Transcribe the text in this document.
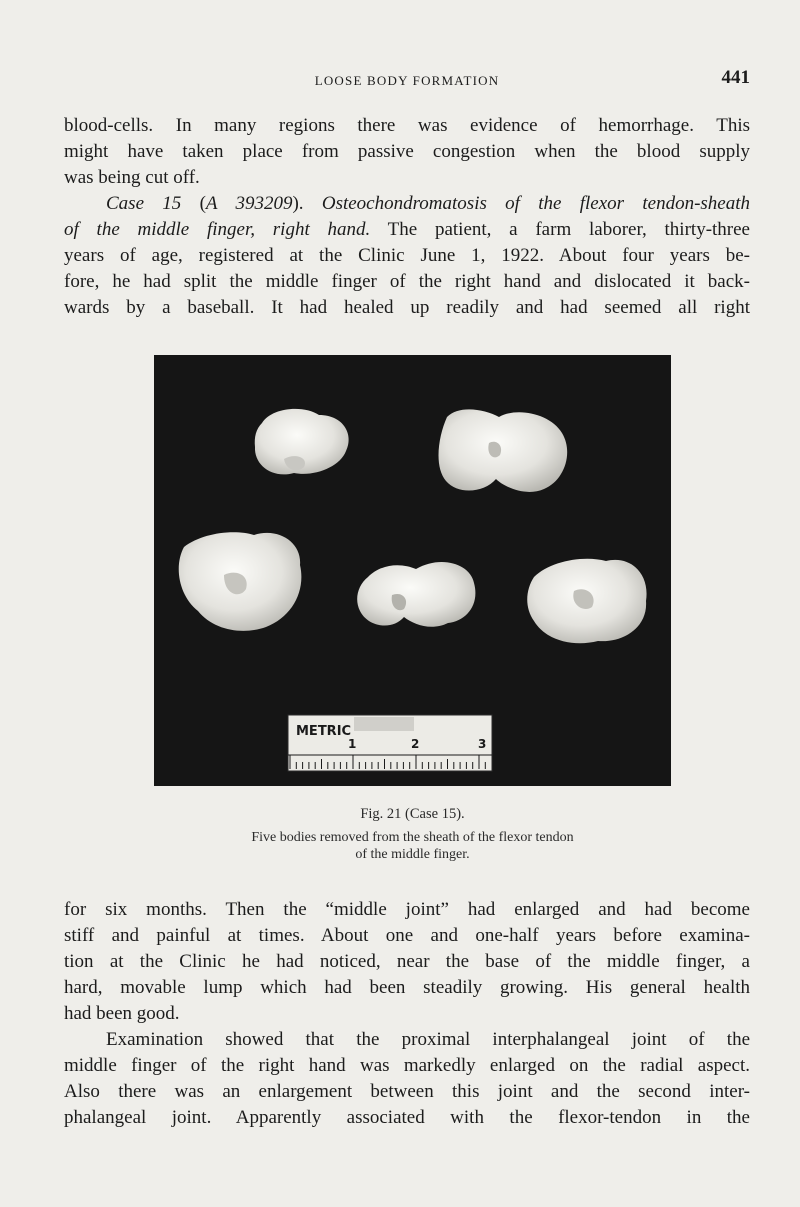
LOOSE BODY FORMATION	441
blood-cells. In many regions there was evidence of hemorrhage. This
might have taken place from passive congestion when the blood supply
was being cut off.
Case 15 (A 393209). Osteochondromatosis of the flexor tendon-sheath
of the middle finger, right hand. The patient, a farm laborer, thirty-three
years of age, registered at the Clinic June 1, 1922. About four years be-
fore, he had split the middle finger of the right hand and dislocated it back-
wards by a baseball. It had healed up readily and had seemed all right
METRIC
1	2	3
Fig. 21 (Case 15).
Five bodies removed from the sheath of the flexor tendon
of the middle finger.
for six months. Then the “middle joint” had enlarged and had become
stiff and painful at times. About one and one-half years before examina-
tion at the Clinic he had noticed, near the base of the middle finger, a
hard, movable lump which had been steadily growing. His general health
had been good.
Examination showed that the proximal interphalangeal joint of the
middle finger of the right hand was markedly enlarged on the radial aspect.
Also there was an enlargement between this joint and the second inter-
phalangeal joint. Apparently associated with the flexor-tendon in the
